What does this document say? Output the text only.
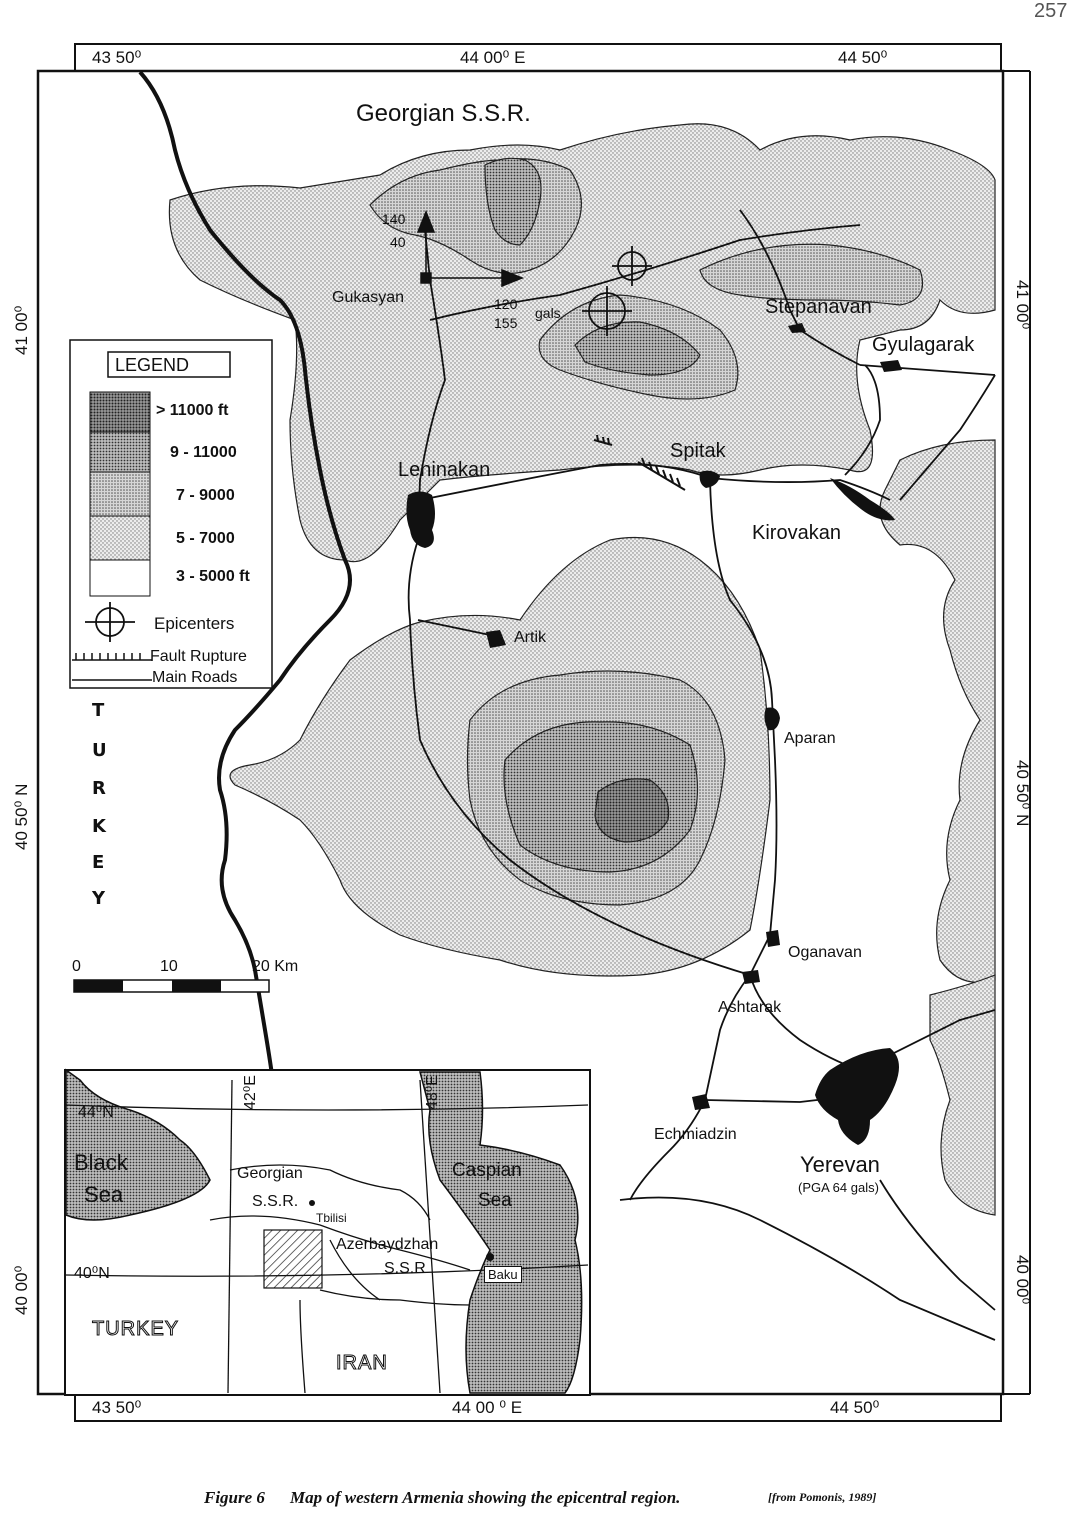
257
43 50⁰	44 00⁰ E	44 50⁰
43 50⁰	44 00 ⁰ E	44 50⁰
41 00⁰
40 50⁰ N
40 00⁰
41 00⁰
40 50⁰ N
40 00⁰
Georgian S.S.R.
T
U
R
K
E
Y
Gukasyan	Stepanavan
Gyulagarak
Leninakan
Spitak
Kirovakan
Artik
Aparan
Oganavan
Ashtarak
Echmiadzin
Yerevan
(PGA 64 gals)
140
40
120
155
gals
LEGEND
> 11000 ft
9 - 11000
7 - 9000
5 - 7000
3 - 5000 ft
Epicenters
Fault Rupture
Main Roads
0	10	20 Km
44⁰N
40⁰N
42⁰E	48⁰E
Black
Sea
Caspian
Sea
Georgian
S.S.R.
Tbilisi
Azerbaydzhan
S.S.R	Baku
TURKEY
IRAN
Figure 6 Map of western Armenia showing the epicentral region.	[from Pomonis, 1989]
